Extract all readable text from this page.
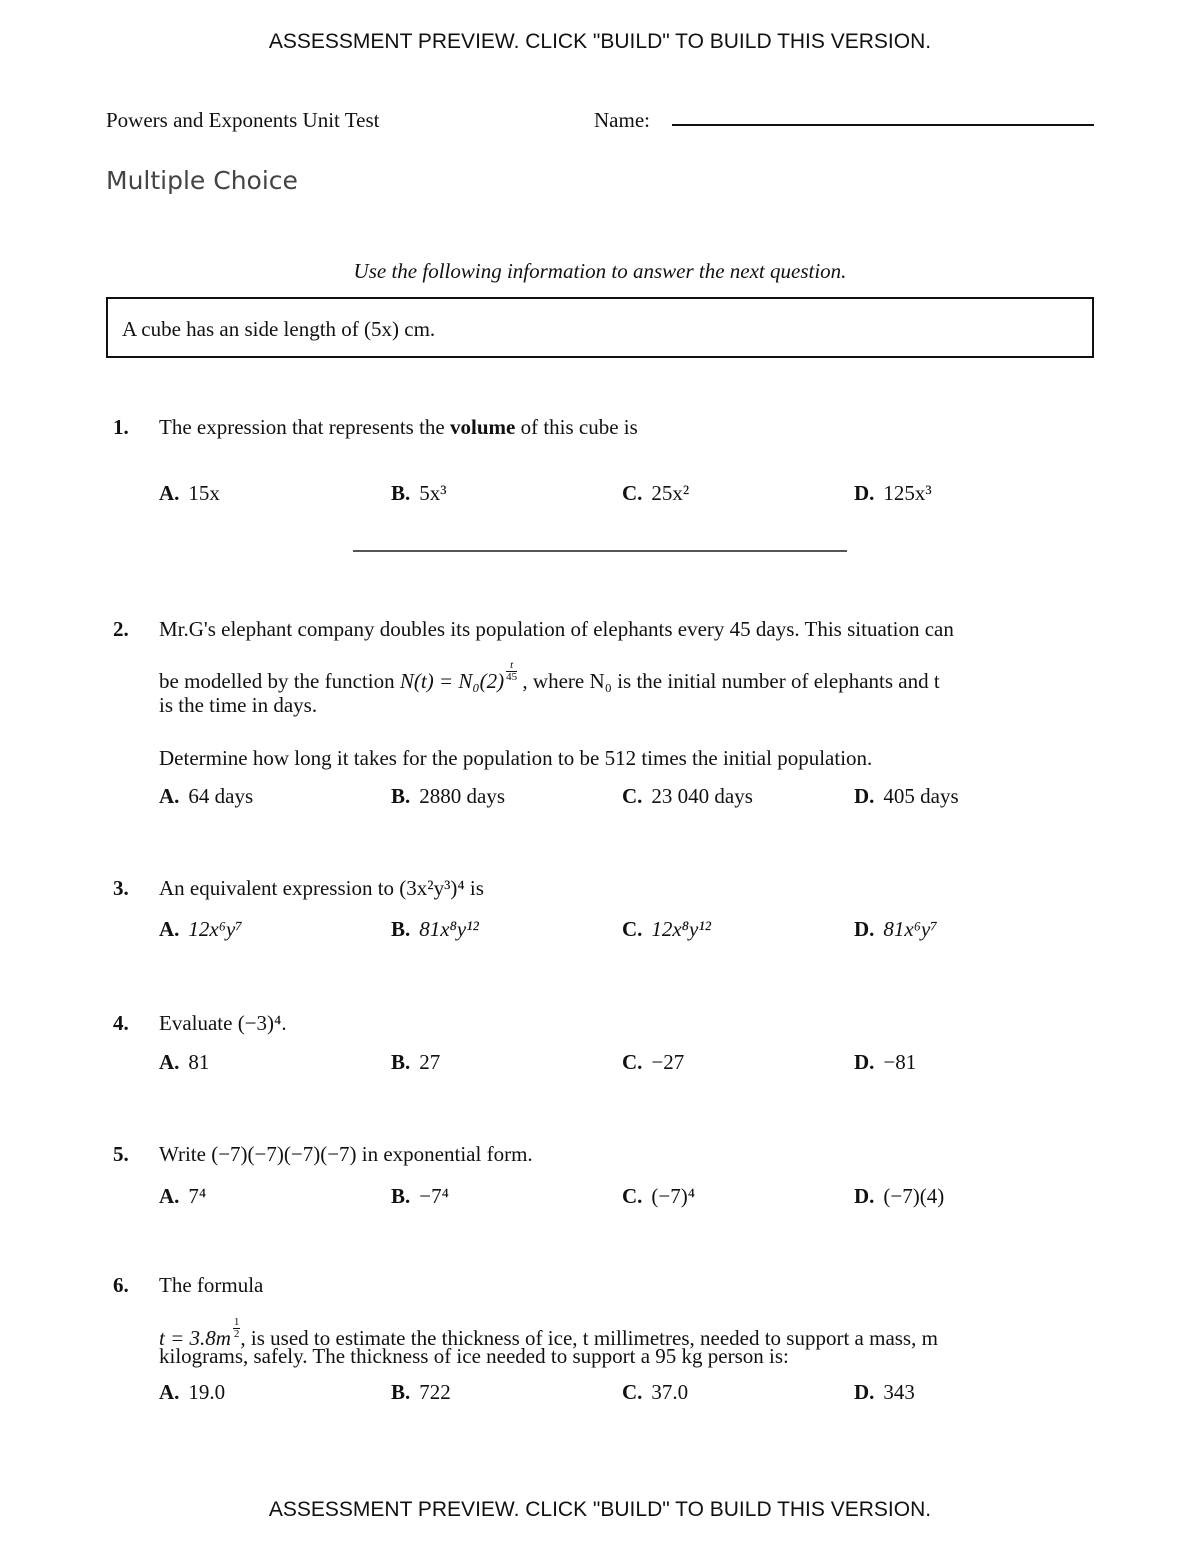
ASSESSMENT PREVIEW. CLICK "BUILD" TO BUILD THIS VERSION.
Powers and Exponents Unit Test	Name:
Multiple Choice
Use the following information to answer the next question.
A cube has an side length of (5x) cm.
1. The expression that represents the volume of this cube is
A. 15x	B. 5x³	C. 25x²	D. 125x³
2. Mr.G's elephant company doubles its population of elephants every 45 days. This situation can
be modelled by the function $N(t) = N_0(2) \frac{t}{45}$ , where N₀ is the initial number of elephants and t
is the time in days.
Determine how long it takes for the population to be 512 times the initial population.
A. 64 days	B. 2880 days	C. 23 040 days	D. 405 days
3. An equivalent expression to (3x²y³)⁴ is
A. 12x⁶y⁷	B. 81x⁸y¹²	C. 12x⁸y¹²	D. 81x⁶y⁷
4. Evaluate (−3)⁴.
A. 81	B. 27	C. −27	D. −81
5. Write (−7)(−7)(−7)(−7) in exponential form.
A. 7⁴	B. −7⁴	C. (−7)⁴	D. (−7)(4)
6. The formula
$t = 3.8m \frac{1}{2}$ , is used to estimate the thickness of ice, t millimetres, needed to support a mass, m
kilograms, safely. The thickness of ice needed to support a 95 kg person is:
A. 19.0	B. 722	C. 37.0	D. 343
ASSESSMENT PREVIEW. CLICK "BUILD" TO BUILD THIS VERSION.
